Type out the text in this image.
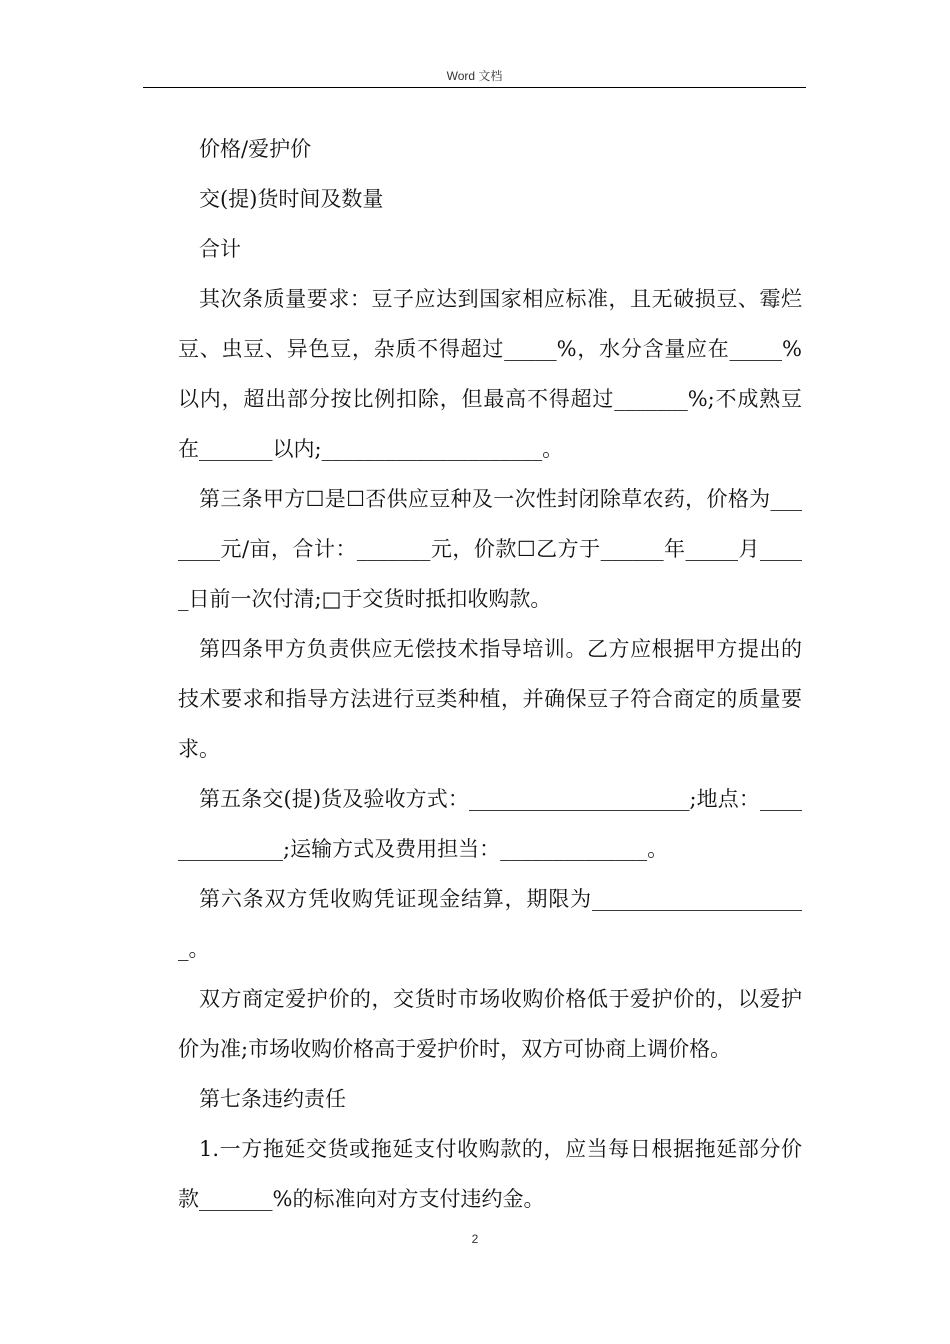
Word 文档

价格/爱护价

交(提)货时间及数量

合计

其次条质量要求：豆子应达到国家相应标准，且无破损豆、霉烂豆、虫豆、异色豆，杂质不得超过_____%，水分含量应在_____%以内，超出部分按比例扣除，但最高不得超过_______%;不成熟豆在_______以内;_____________________。

第三条甲方☐是☐否供应豆种及一次性封闭除草农药，价格为_______元/亩，合计：_______元，价款☐乙方于______年_____月_____日前一次付清;□于交货时抵扣收购款。

第四条甲方负责供应无偿技术指导培训。乙方应根据甲方提出的技术要求和指导方法进行豆类种植，并确保豆子符合商定的质量要求。

第五条交(提)货及验收方式：_____________________;地点：______________;运输方式及费用担当：______________。

第六条双方凭收购凭证现金结算，期限为_____________________。

双方商定爱护价的，交货时市场收购价格低于爱护价的，以爱护价为准;市场收购价格高于爱护价时，双方可协商上调价格。

第七条违约责任

1.一方拖延交货或拖延支付收购款的，应当每日根据拖延部分价款_______%的标准向对方支付违约金。

2
